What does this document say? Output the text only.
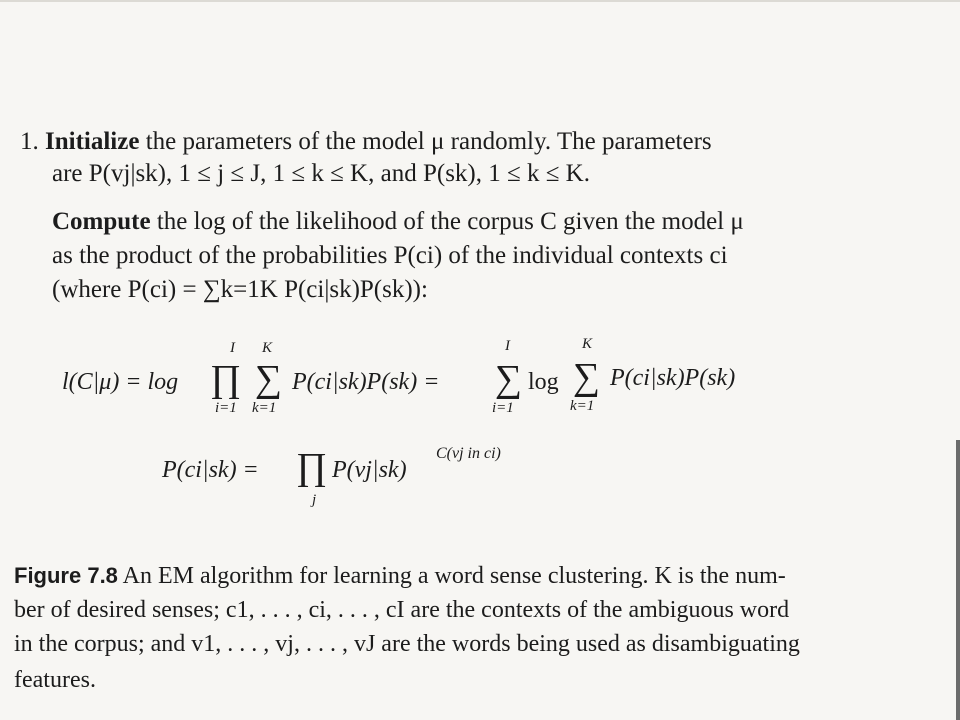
1. Initialize the parameters of the model μ randomly. The parameters
are P(vj|sk), 1 ≤ j ≤ J, 1 ≤ k ≤ K, and P(sk), 1 ≤ k ≤ K.
Compute the log of the likelihood of the corpus C given the model μ
as the product of the probabilities P(ci) of the individual contexts ci
(where P(ci) = ∑k=1K P(ci|sk)P(sk)):
l(C|μ) = log
I
∏
i=1
K
∑
k=1
P(ci|sk)P(sk) =
I
∑
i=1
log
K
∑
k=1
P(ci|sk)P(sk)
P(ci|sk) = ∏
j
P(vj|sk)
C(vj in ci)
Figure 7.8 An EM algorithm for learning a word sense clustering. K is the num-
ber of desired senses; c1, . . . , ci, . . . , cI are the contexts of the ambiguous word
in the corpus; and v1, . . . , vj, . . . , vJ are the words being used as disambiguating
features.
